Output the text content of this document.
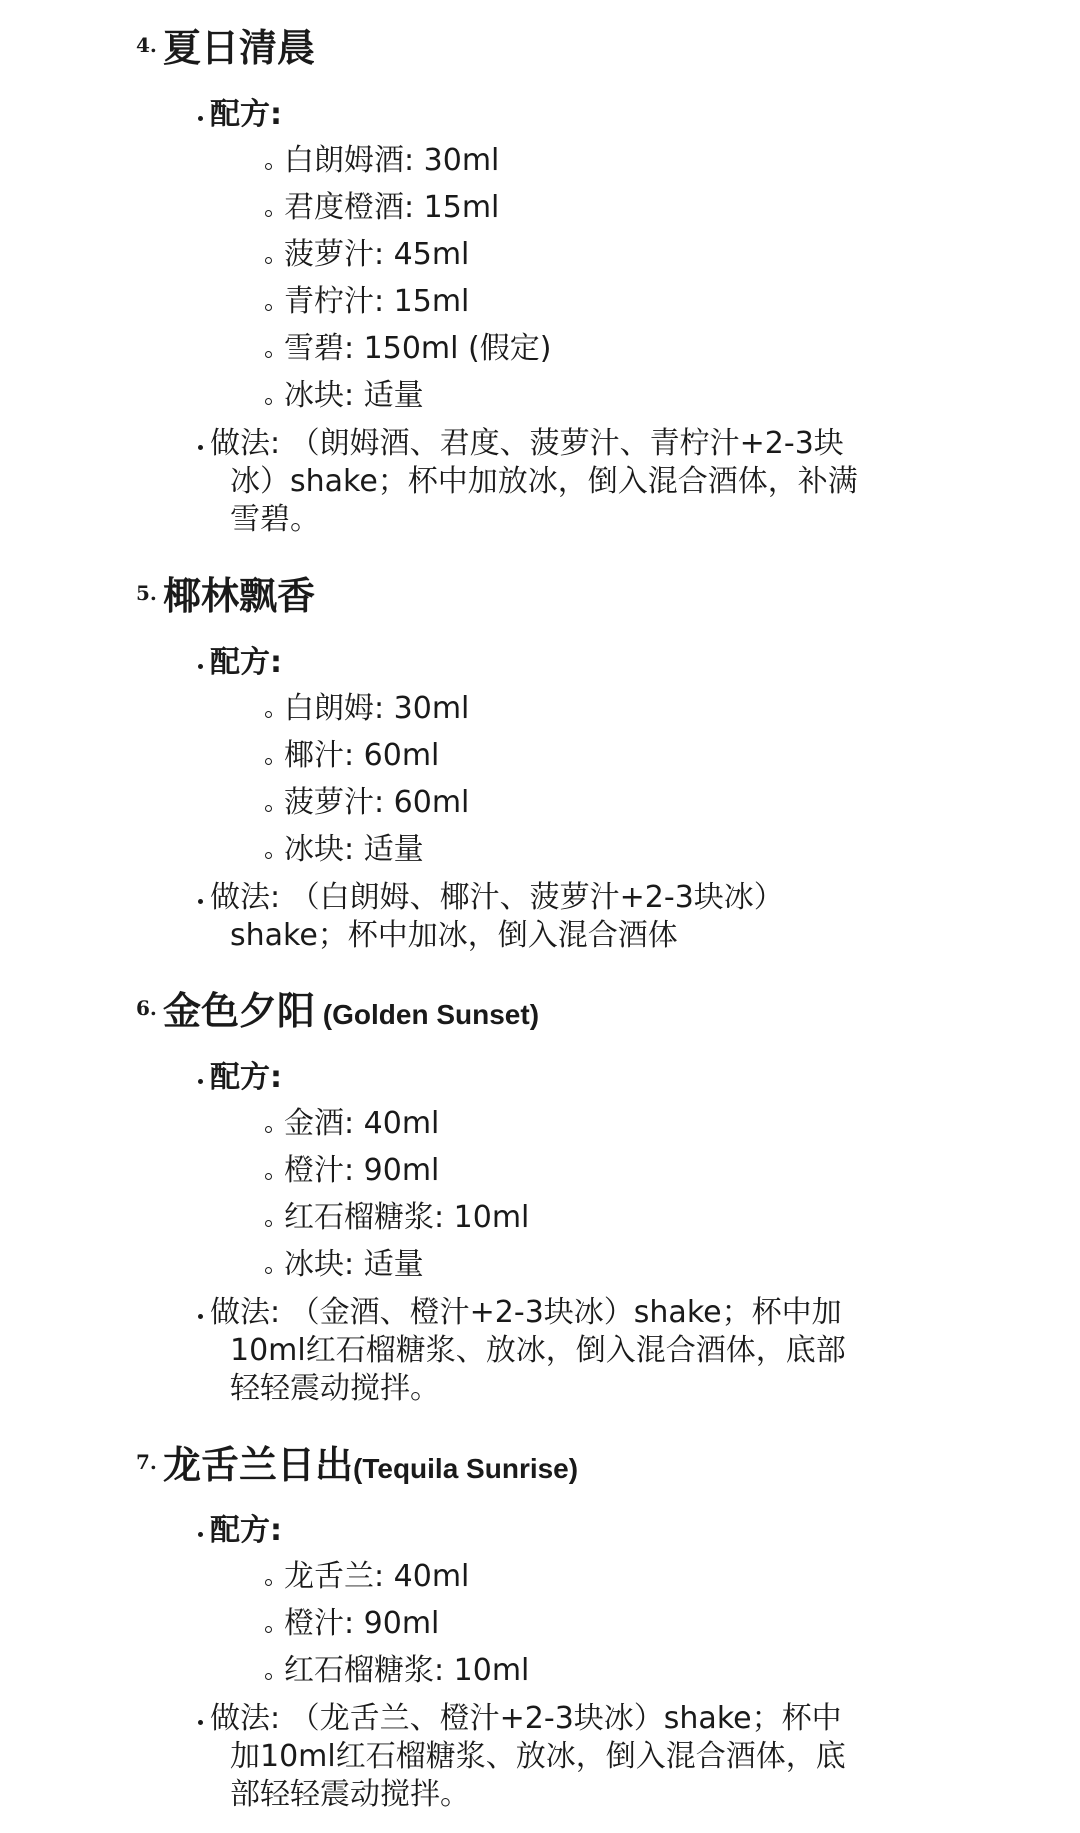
4. 夏日清晨
配方:
白朗姆酒: 30ml
君度橙酒: 15ml
菠萝汁: 45ml
青柠汁: 15ml
雪碧: 150ml (假定)
冰块: 适量
做法: （朗姆酒、君度、菠萝汁、青柠汁+2-3块
冰）shake；杯中加放冰，倒入混合酒体，补满
雪碧。
5. 椰林飘香
配方:
白朗姆: 30ml
椰汁: 60ml
菠萝汁: 60ml
冰块: 适量
做法: （白朗姆、椰汁、菠萝汁+2-3块冰）
shake；杯中加冰，倒入混合酒体
6. 金色夕阳 (Golden Sunset)
配方:
金酒: 40ml
橙汁: 90ml
红石榴糖浆: 10ml
冰块: 适量
做法: （金酒、橙汁+2-3块冰）shake；杯中加
10ml红石榴糖浆、放冰，倒入混合酒体，底部
轻轻震动搅拌。
7. 龙舌兰日出(Tequila Sunrise)
配方:
龙舌兰: 40ml
橙汁: 90ml
红石榴糖浆: 10ml
做法: （龙舌兰、橙汁+2-3块冰）shake；杯中
加10ml红石榴糖浆、放冰，倒入混合酒体，底
部轻轻震动搅拌。
